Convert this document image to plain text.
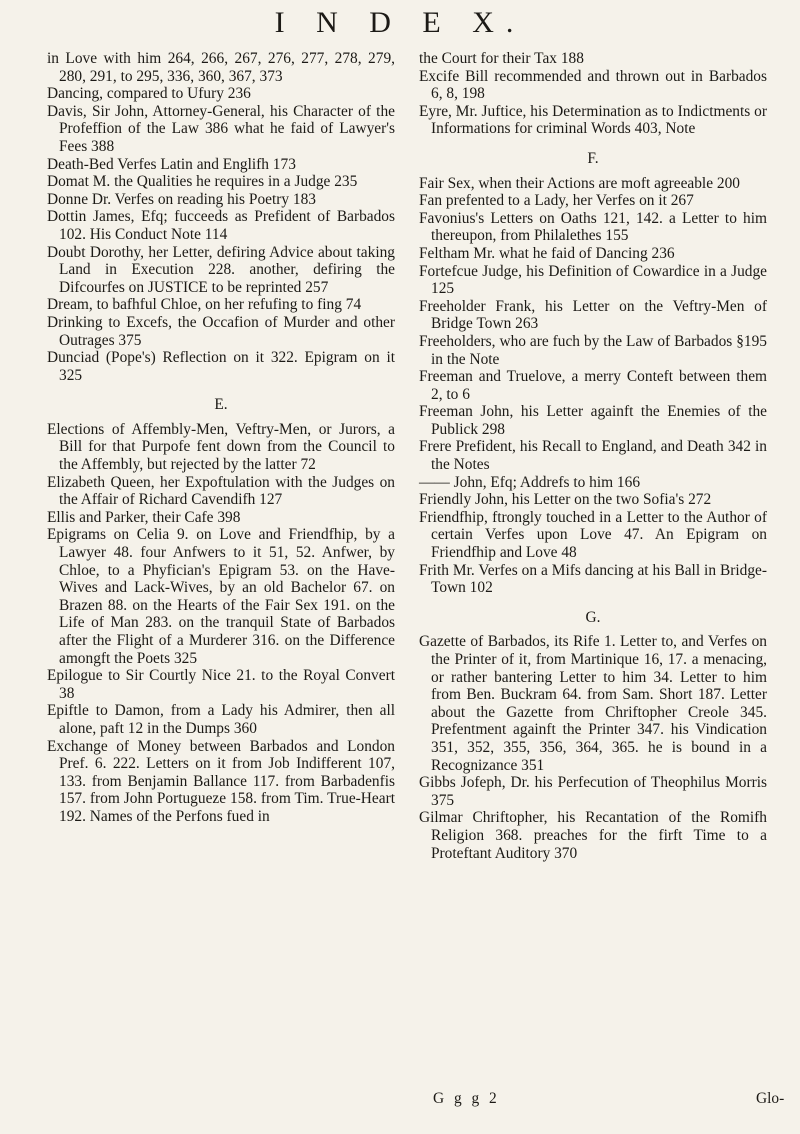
I N D E X.

in Love with him 264, 266, 267, 276, 277, 278, 279, 280, 291, to 295, 336, 360, 367, 373

Dancing, compared to Ufury 236

Davis, Sir John, Attorney-General, his Character of the Profeffion of the Law 386 what he faid of Lawyer's Fees 388

Death-Bed Verfes Latin and Englifh 173

Domat M. the Qualities he requires in a Judge 235

Donne Dr. Verfes on reading his Poetry 183

Dottin James, Efq; fucceeds as Prefident of Barbados 102. His Conduct Note 114

Doubt Dorothy, her Letter, defiring Advice about taking Land in Execution 228. another, defiring the Difcourfes on JUSTICE to be reprinted 257

Dream, to bafhful Chloe, on her refufing to fing 74

Drinking to Excefs, the Occafion of Murder and other Outrages 375

Dunciad (Pope's) Reflection on it 322. Epigram on it 325

E.

Elections of Affembly-Men, Veftry-Men, or Jurors, a Bill for that Purpofe fent down from the Council to the Affembly, but rejected by the latter 72

Elizabeth Queen, her Expoftulation with the Judges on the Affair of Richard Cavendifh 127

Ellis and Parker, their Cafe 398

Epigrams on Celia 9. on Love and Friendfhip, by a Lawyer 48. four Anfwers to it 51, 52. Anfwer, by Chloe, to a Phyfician's Epigram 53. on the Have-Wives and Lack-Wives, by an old Bachelor 67. on Brazen 88. on the Hearts of the Fair Sex 191. on the Life of Man 283. on the tranquil State of Barbados after the Flight of a Murderer 316. on the Difference amongft the Poets 325

Epilogue to Sir Courtly Nice 21. to the Royal Convert 38

Epiftle to Damon, from a Lady his Admirer, then all alone, paft 12 in the Dumps 360

Exchange of Money between Barbados and London Pref. 6. 222. Letters on it from Job Indifferent 107, 133. from Benjamin Ballance 117. from Barbadenfis 157. from John Portugueze 158. from Tim. True-Heart 192. Names of the Perfons fued in

the Court for their Tax 188

Excife Bill recommended and thrown out in Barbados 6, 8, 198

Eyre, Mr. Juftice, his Determination as to Indictments or Informations for criminal Words 403, Note

F.

Fair Sex, when their Actions are moft agreeable 200

Fan prefented to a Lady, her Verfes on it 267

Favonius's Letters on Oaths 121, 142. a Letter to him thereupon, from Philalethes 155

Feltham Mr. what he faid of Dancing 236

Fortefcue Judge, his Definition of Cowardice in a Judge 125

Freeholder Frank, his Letter on the Veftry-Men of Bridge Town 263

Freeholders, who are fuch by the Law of Barbados §195 in the Note

Freeman and Truelove, a merry Conteft between them 2, to 6

Freeman John, his Letter againft the Enemies of the Publick 298

Frere Prefident, his Recall to England, and Death 342 in the Notes

—— John, Efq; Addrefs to him 166

Friendly John, his Letter on the two Sofia's 272

Friendfhip, ftrongly touched in a Letter to the Author of certain Verfes upon Love 47. An Epigram on Friendfhip and Love 48

Frith Mr. Verfes on a Mifs dancing at his Ball in Bridge-Town 102

G.

Gazette of Barbados, its Rife 1. Letter to, and Verfes on the Printer of it, from Martinique 16, 17. a menacing, or rather bantering Letter to him 34. Letter to him from Ben. Buckram 64. from Sam. Short 187. Letter about the Gazette from Chriftopher Creole 345. Prefentment againft the Printer 347. his Vindication 351, 352, 355, 356, 364, 365. he is bound in a Recognizance 351

Gibbs Jofeph, Dr. his Perfecution of Theophilus Morris 375

Gilmar Chriftopher, his Recantation of the Romifh Religion 368. preaches for the firft Time to a Proteftant Auditory 370

G g g 2	Glo-
